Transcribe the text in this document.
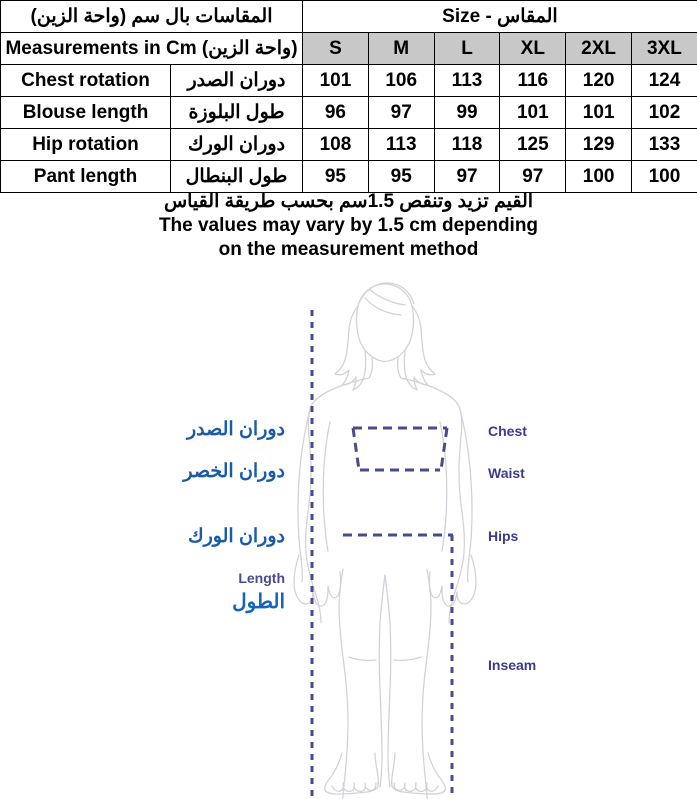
المقاسات بال سم (واحة الزين)		Size - المقاس					
Measurements in Cm (واحة الزين)		S	M	L	XL	2XL	3XL
Chest rotation	دوران الصدر	101	106	113	116	120	124
Blouse length	طول البلوزة	96	97	99	101	101	102
Hip rotation	دوران الورك	108	113	118	125	129	133
Pant length	طول البنطال	95	95	97	97	100	100
القيم تزيد وتنقص 1.5سم بحسب طريقة القياس
The values may vary by 1.5 cm depending
on the measurement method
دوران الصدر
دوران الخصر
دوران الورك
Length
الطول
Chest
Waist
Hips
Inseam
